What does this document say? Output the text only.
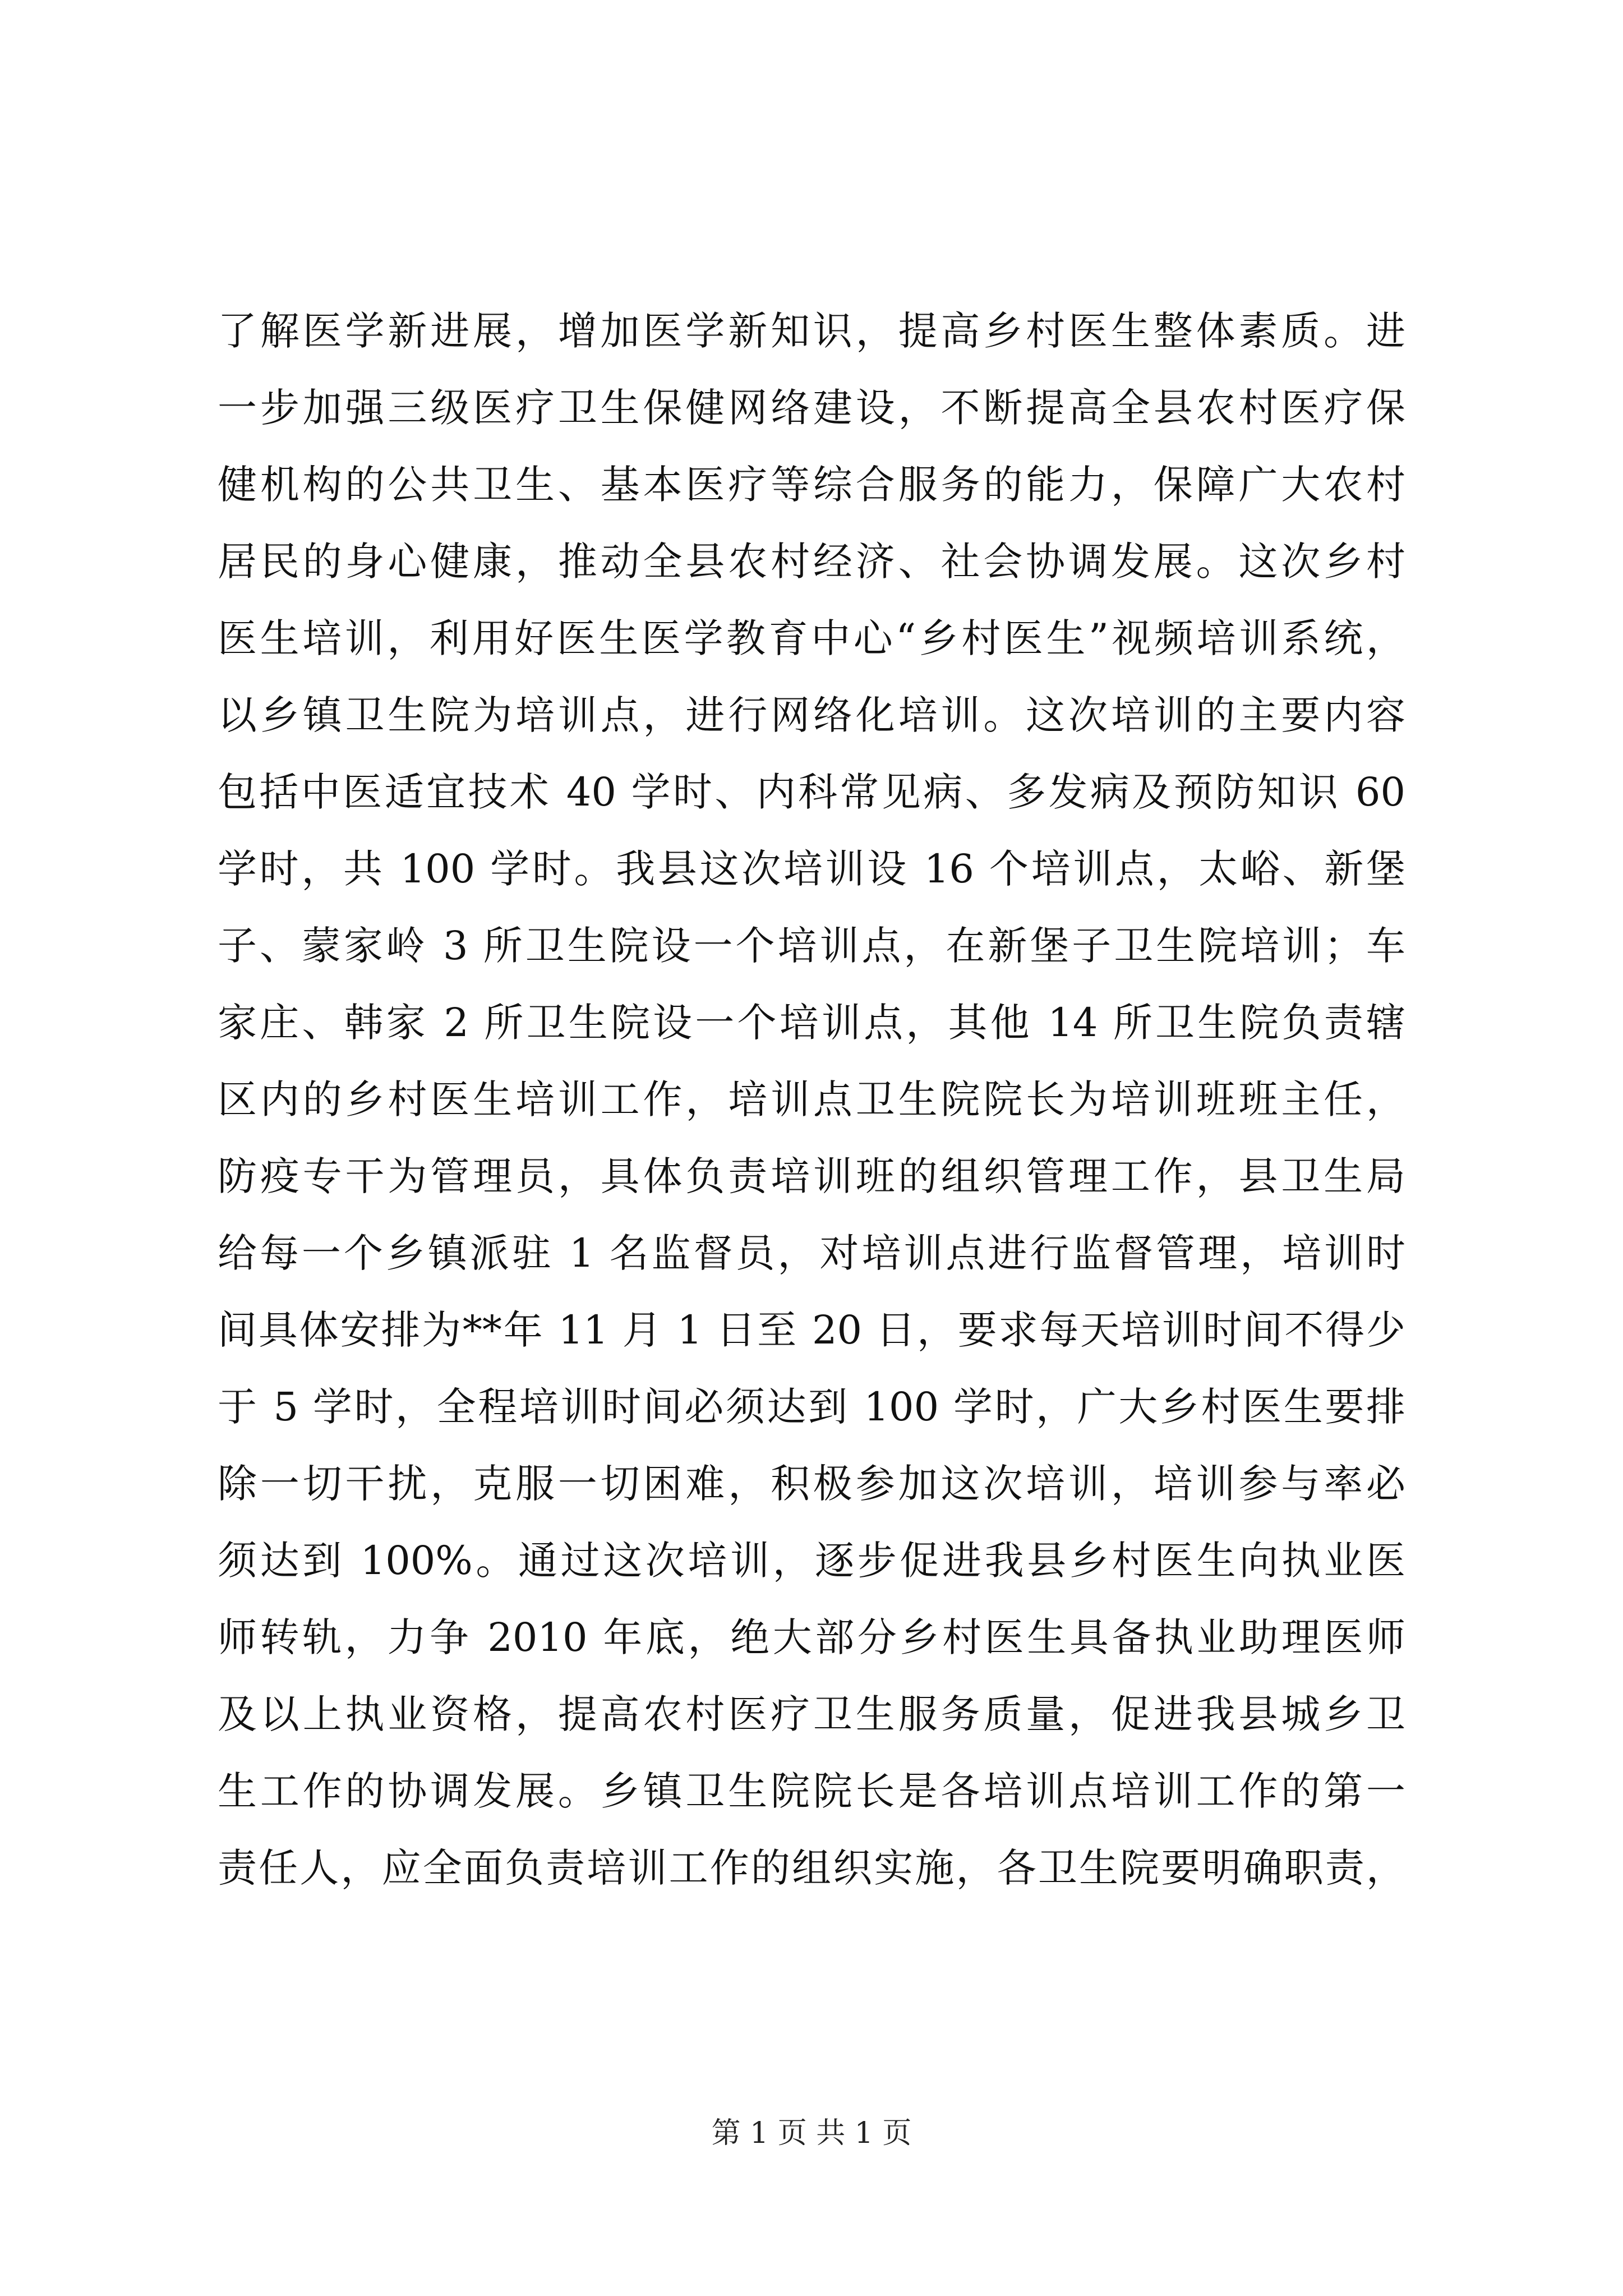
了解医学新进展，增加医学新知识，提高乡村医生整体素质。进
一步加强三级医疗卫生保健网络建设，不断提高全县农村医疗保
健机构的公共卫生、基本医疗等综合服务的能力，保障广大农村
居民的身心健康，推动全县农村经济、社会协调发展。这次乡村
医生培训，利用好医生医学教育中心“乡村医生”视频培训系统，
以乡镇卫生院为培训点，进行网络化培训。这次培训的主要内容
包括中医适宜技术 40 学时、内科常见病、多发病及预防知识 60
学时，共 100 学时。我县这次培训设 16 个培训点，太峪、新堡
子、蒙家岭 3 所卫生院设一个培训点，在新堡子卫生院培训；车
家庄、韩家 2 所卫生院设一个培训点，其他 14 所卫生院负责辖
区内的乡村医生培训工作，培训点卫生院院长为培训班班主任，
防疫专干为管理员，具体负责培训班的组织管理工作，县卫生局
给每一个乡镇派驻 1 名监督员，对培训点进行监督管理，培训时
间具体安排为**年 11 月 1 日至 20 日，要求每天培训时间不得少
于 5 学时，全程培训时间必须达到 100 学时，广大乡村医生要排
除一切干扰，克服一切困难，积极参加这次培训，培训参与率必
须达到 100%。通过这次培训，逐步促进我县乡村医生向执业医
师转轨，力争 2010 年底，绝大部分乡村医生具备执业助理医师
及以上执业资格，提高农村医疗卫生服务质量，促进我县城乡卫
生工作的协调发展。乡镇卫生院院长是各培训点培训工作的第一
责任人，应全面负责培训工作的组织实施，各卫生院要明确职责，
第 1 页 共 1 页
